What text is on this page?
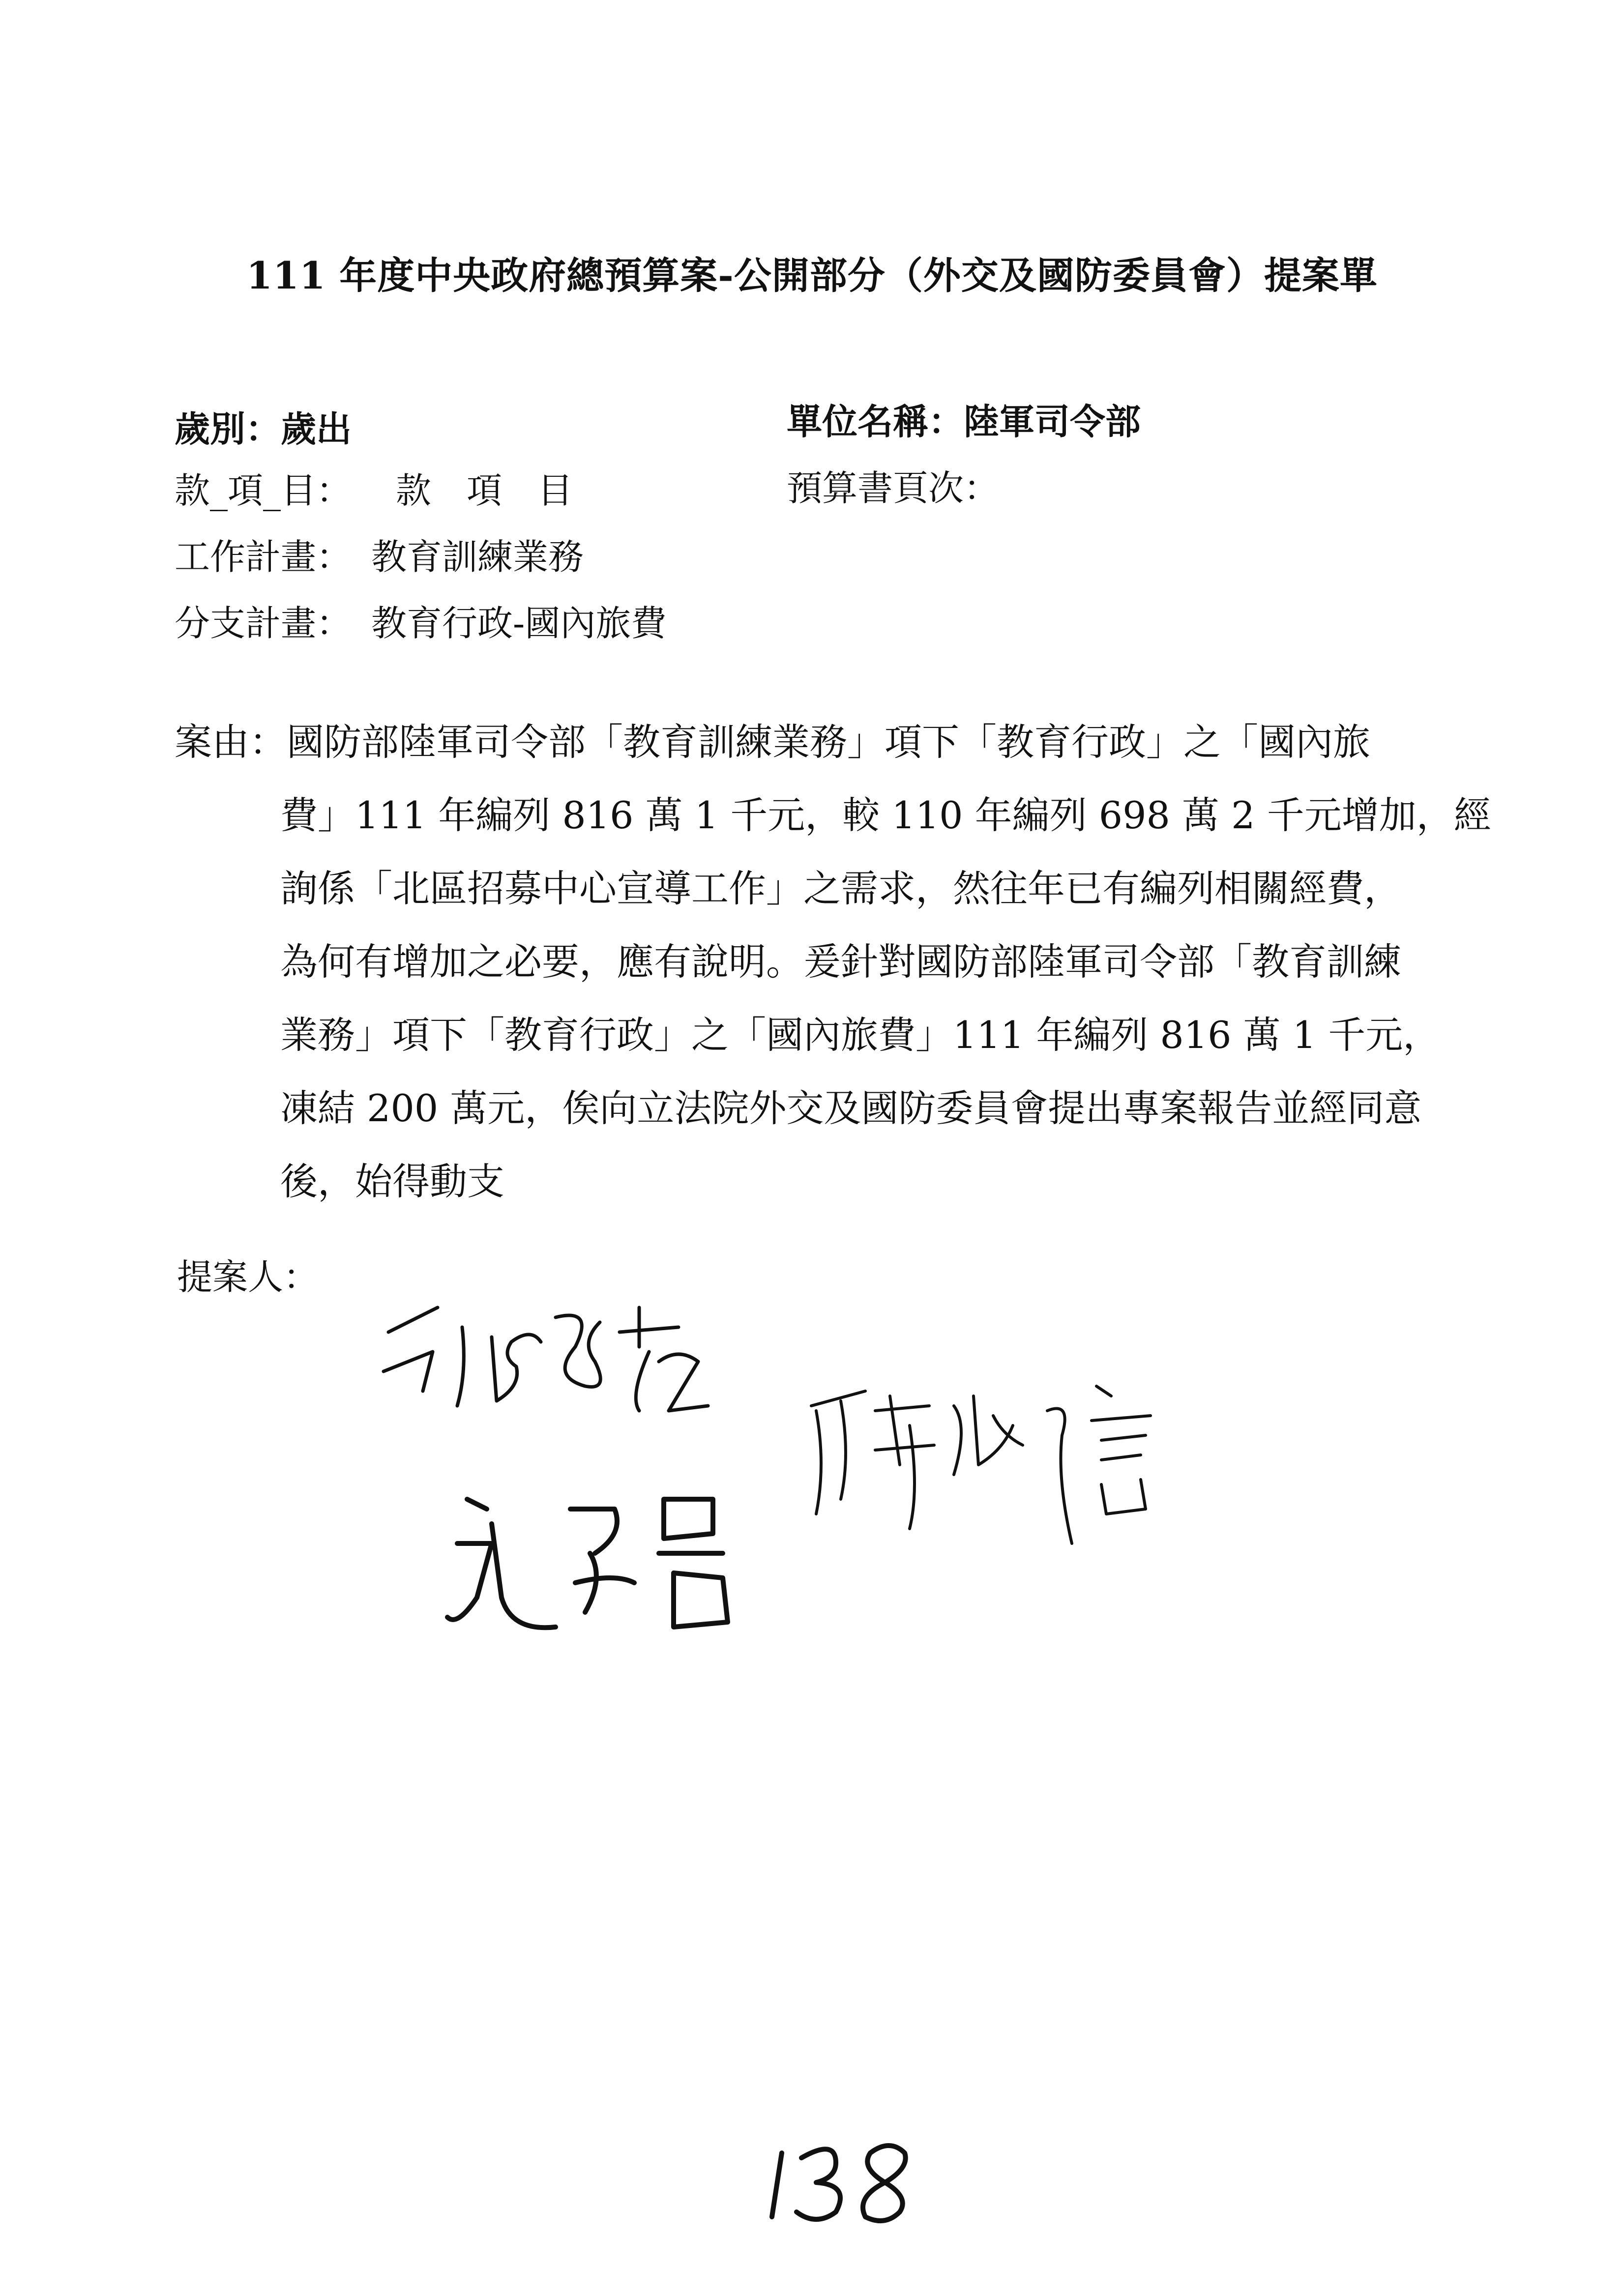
111 年度中央政府總預算案-公開部分（外交及國防委員會）提案單
歲別：歲出	單位名稱：陸軍司令部
款_項_目： 款　項　目	預算書頁次：
工作計畫： 教育訓練業務
分支計畫： 教育行政-國內旅費
案由：國防部陸軍司令部「教育訓練業務」項下「教育行政」之「國內旅
費」111 年編列 816 萬 1 千元，較 110 年編列 698 萬 2 千元增加，經
詢係「北區招募中心宣導工作」之需求，然往年已有編列相關經費，
為何有增加之必要，應有說明。爰針對國防部陸軍司令部「教育訓練
業務」項下「教育行政」之「國內旅費」111 年編列 816 萬 1 千元，
凍結 200 萬元，俟向立法院外交及國防委員會提出專案報告並經同意
後，始得動支
提案人：
